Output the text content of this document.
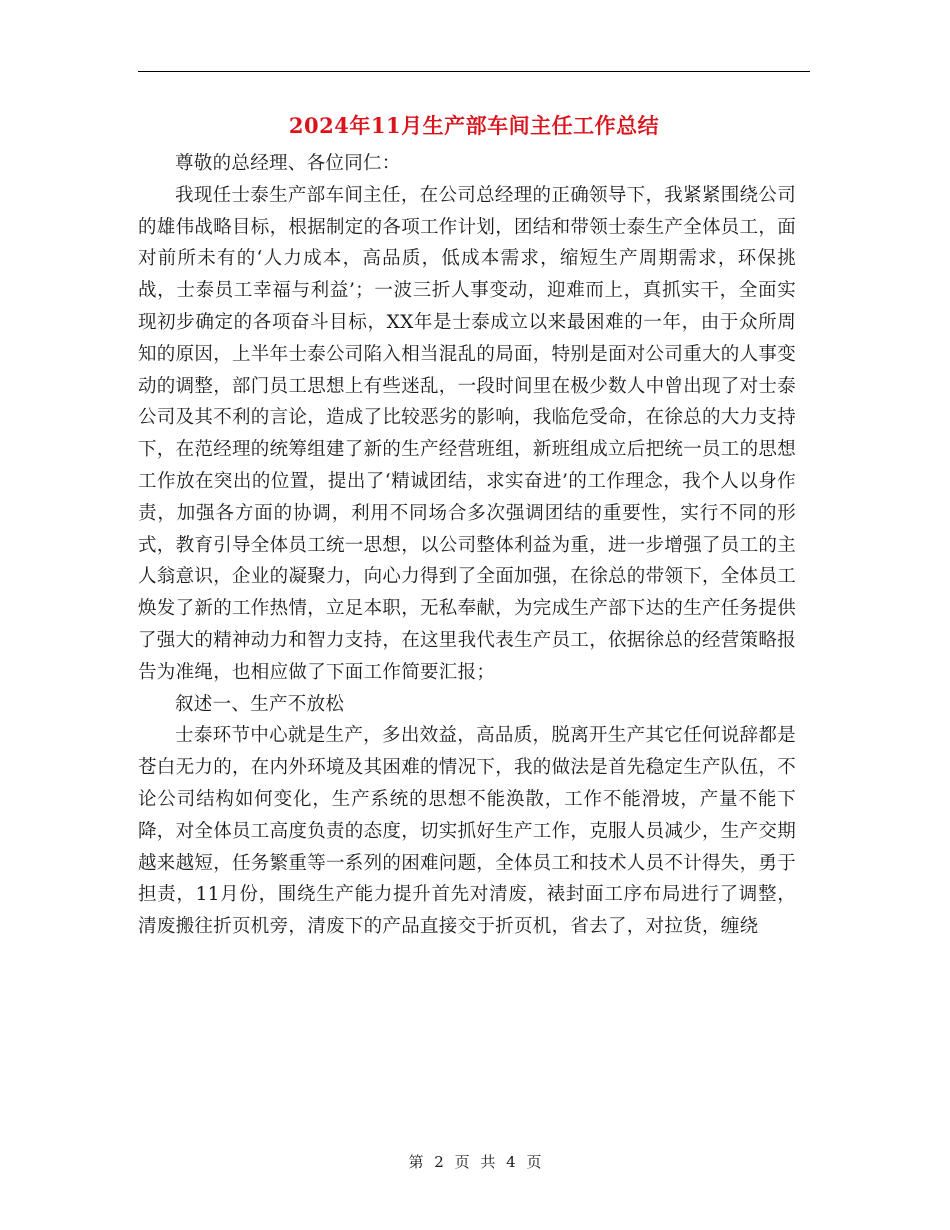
2024年11月生产部车间主任工作总结

尊敬的总经理、各位同仁：

我现任士泰生产部车间主任，在公司总经理的正确领导下，我紧紧围绕公司的雄伟战略目标，根据制定的各项工作计划，团结和带领士泰生产全体员工，面对前所未有的‘人力成本，高品质，低成本需求，缩短生产周期需求，环保挑战，士泰员工幸福与利益’；一波三折人事变动，迎难而上，真抓实干，全面实现初步确定的各项奋斗目标，XX年是士泰成立以来最困难的一年，由于众所周知的原因，上半年士泰公司陷入相当混乱的局面，特别是面对公司重大的人事变动的调整，部门员工思想上有些迷乱，一段时间里在极少数人中曾出现了对士泰公司及其不利的言论，造成了比较恶劣的影响，我临危受命，在徐总的大力支持下，在范经理的统筹组建了新的生产经营班组，新班组成立后把统一员工的思想工作放在突出的位置，提出了‘精诚团结，求实奋进’的工作理念，我个人以身作责，加强各方面的协调，利用不同场合多次强调团结的重要性，实行不同的形式，教育引导全体员工统一思想，以公司整体利益为重，进一步增强了员工的主人翁意识，企业的凝聚力，向心力得到了全面加强，在徐总的带领下，全体员工焕发了新的工作热情，立足本职，无私奉献，为完成生产部下达的生产任务提供了强大的精神动力和智力支持，在这里我代表生产员工，依据徐总的经营策略报告为准绳，也相应做了下面工作简要汇报；

叙述一、生产不放松

士泰环节中心就是生产，多出效益，高品质，脱离开生产其它任何说辞都是苍白无力的，在内外环境及其困难的情况下，我的做法是首先稳定生产队伍，不论公司结构如何变化，生产系统的思想不能涣散，工作不能滑坡，产量不能下降，对全体员工高度负责的态度，切实抓好生产工作，克服人员减少，生产交期越来越短，任务繁重等一系列的困难问题，全体员工和技术人员不计得失，勇于担责，11月份，围绕生产能力提升首先对清废，裱封面工序布局进行了调整，清废搬往折页机旁，清废下的产品直接交于折页机，省去了，对拉货，缠绕

第 2 页 共 4 页
